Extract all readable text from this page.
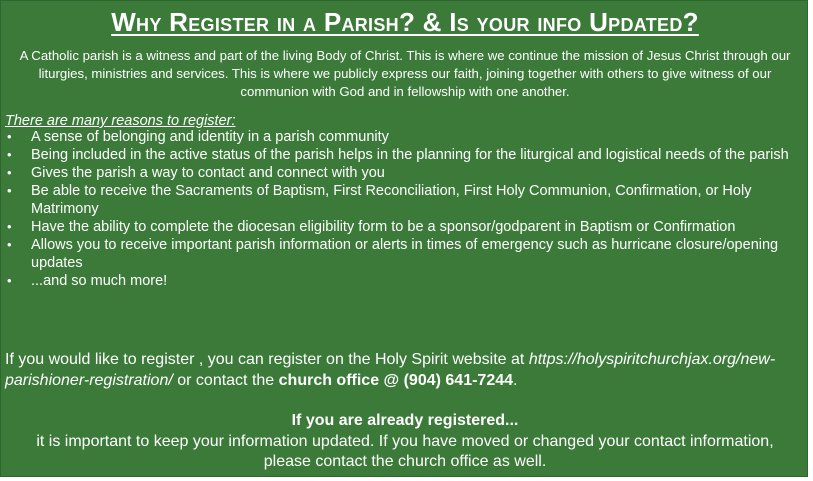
Why Register in a Parish? & Is your info Updated?
A Catholic parish is a witness and part of the living Body of Christ. This is where we continue the mission of Jesus Christ through our liturgies, ministries and services. This is where we publicly express our faith, joining together with others to give witness of our communion with God and in fellowship with one another.
There are many reasons to register:
• A sense of belonging and identity in a parish community
• Being included in the active status of the parish helps in the planning for the liturgical and logistical needs of the parish
• Gives the parish a way to contact and connect with you
• Be able to receive the Sacraments of Baptism, First Reconciliation, First Holy Communion, Confirmation, or Holy Matrimony
• Have the ability to complete the diocesan eligibility form to be a sponsor/godparent in Baptism or Confirmation
• Allows you to receive important parish information or alerts in times of emergency such as hurricane closure/opening updates
• ...and so much more!
If you would like to register , you can register on the Holy Spirit website at https://holyspiritchurchjax.org/new-parishioner-registration/ or contact the church office @ (904) 641-7244.
If you are already registered...
it is important to keep your information updated. If you have moved or changed your contact information, please contact the church office as well.
